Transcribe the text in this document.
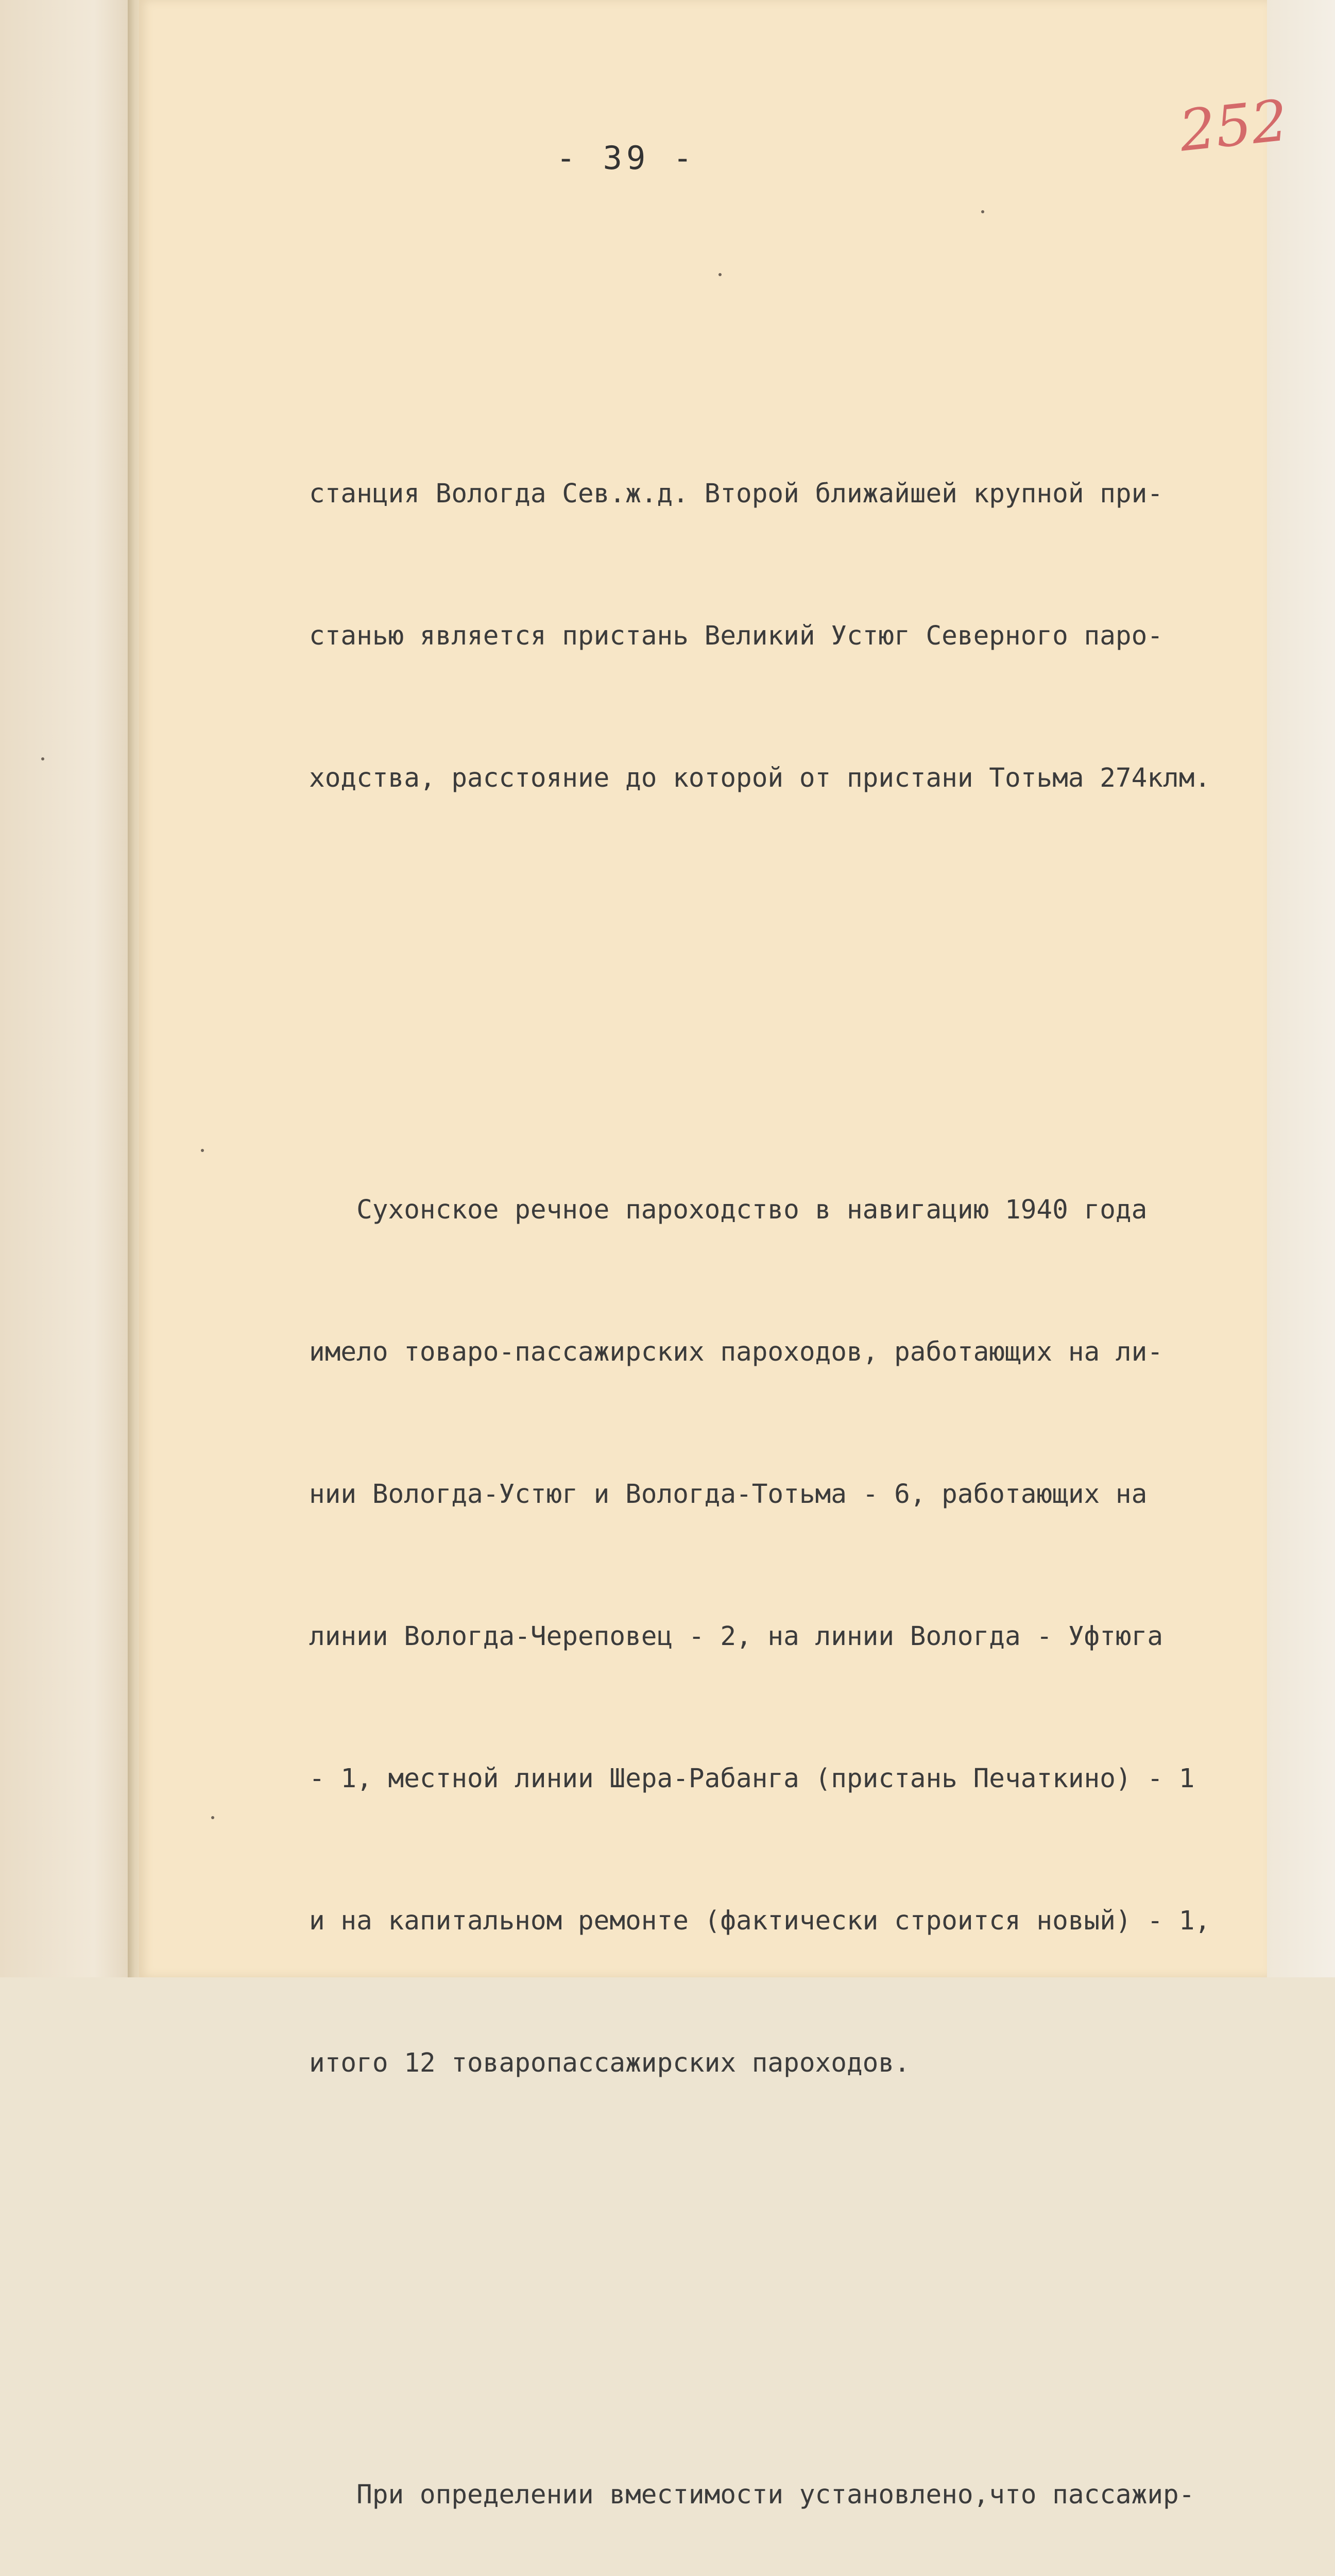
252
- 39 -

станция Вологда Сев.ж.д. Второй ближайшей крупной при-

станью является пристань Великий Устюг Северного паро-

ходства, расстояние до которой от пристани Тотьма 274клм.

Сухонское речное пароходство в навигацию 1940 года

имело товаро-пассажирских пароходов, работающих на ли-

нии Вологда-Устюг и Вологда-Тотьма - 6, работающих на

линии Вологда-Череповец - 2, на линии Вологда - Уфтюга

- 1, местной линии Шера-Рабанга (пристань Печаткино) - 1

и на капитальном ремонте (фактически строится новый) - 1,

итого 12 товаропассажирских пароходов.

При определении вместимости установлено,что пассажир-
